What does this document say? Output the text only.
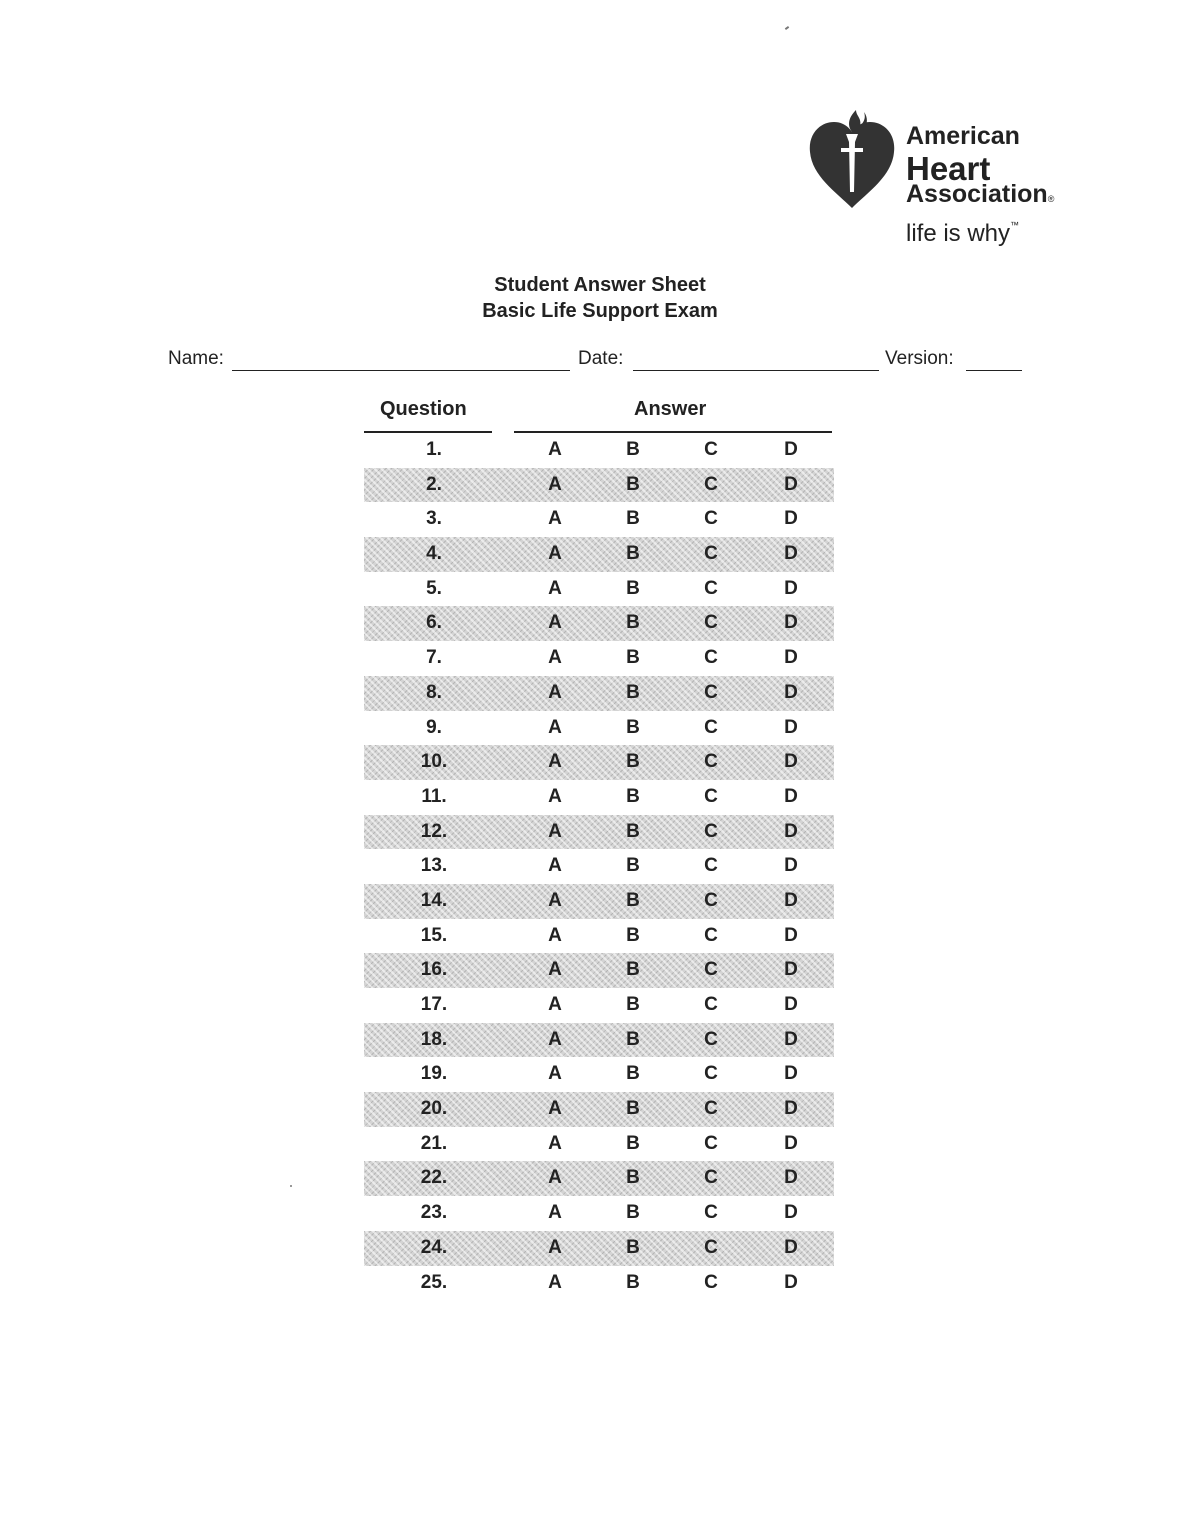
American
Heart
Association®
life is why™
Student Answer Sheet
Basic Life Support Exam
Name:	Date:	Version:
Question	Answer
1.	A	B	C	D
2.	A	B	C	D
3.	A	B	C	D
4.	A	B	C	D
5.	A	B	C	D
6.	A	B	C	D
7.	A	B	C	D
8.	A	B	C	D
9.	A	B	C	D
10.	A	B	C	D
11.	A	B	C	D
12.	A	B	C	D
13.	A	B	C	D
14.	A	B	C	D
15.	A	B	C	D
16.	A	B	C	D
17.	A	B	C	D
18.	A	B	C	D
19.	A	B	C	D
20.	A	B	C	D
21.	A	B	C	D
22.	A	B	C	D
23.	A	B	C	D
24.	A	B	C	D
25.	A	B	C	D
